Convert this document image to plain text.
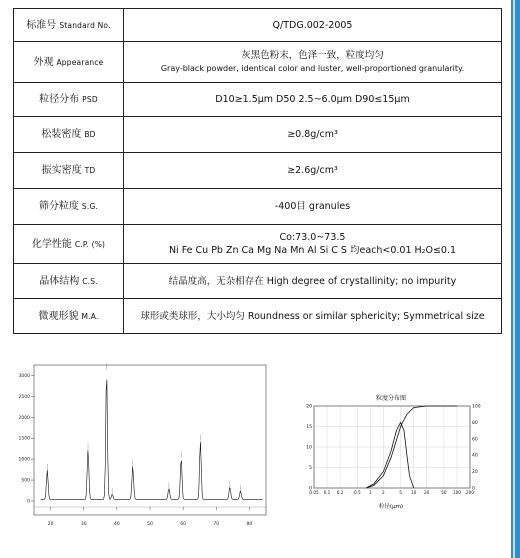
标准号 Standard No.	Q/TDG.002-2005

外观 Appearance	灰黑色粉末，色泽一致，粒度均匀
Gray-black powder, identical color and luster, well-proportioned granularity.

粒径分布 PSD	D10≥1.5μm D50 2.5~6.0μm D90≤15μm

松装密度 BD	≥0.8g/cm³

振实密度 TD	≥2.6g/cm³

筛分粒度 S.G.	-400目 granules

化学性能 C.P. (%)	Co:73.0~73.5
Ni Fe Cu Pb Zn Ca Mg Na Mn Al Si C S 均each<0.01 H₂O≤0.1

晶体结构 C.S.	结晶度高，无杂相存在 High degree of crystallinity; no impurity

微观形貌 M.A.	球形或类球形，大小均匀 Roundness or similar sphericity; Symmetrical size
20	30	40	50	60	70	80
0
500
1000
1500
2000
2500
3000
粒度分布图
0.05 0.1 0.2	0.5 1 2	5 10 20	50 100 200
0
5
10
15
20
0
20
40
60
80
100
粒径(μm)
